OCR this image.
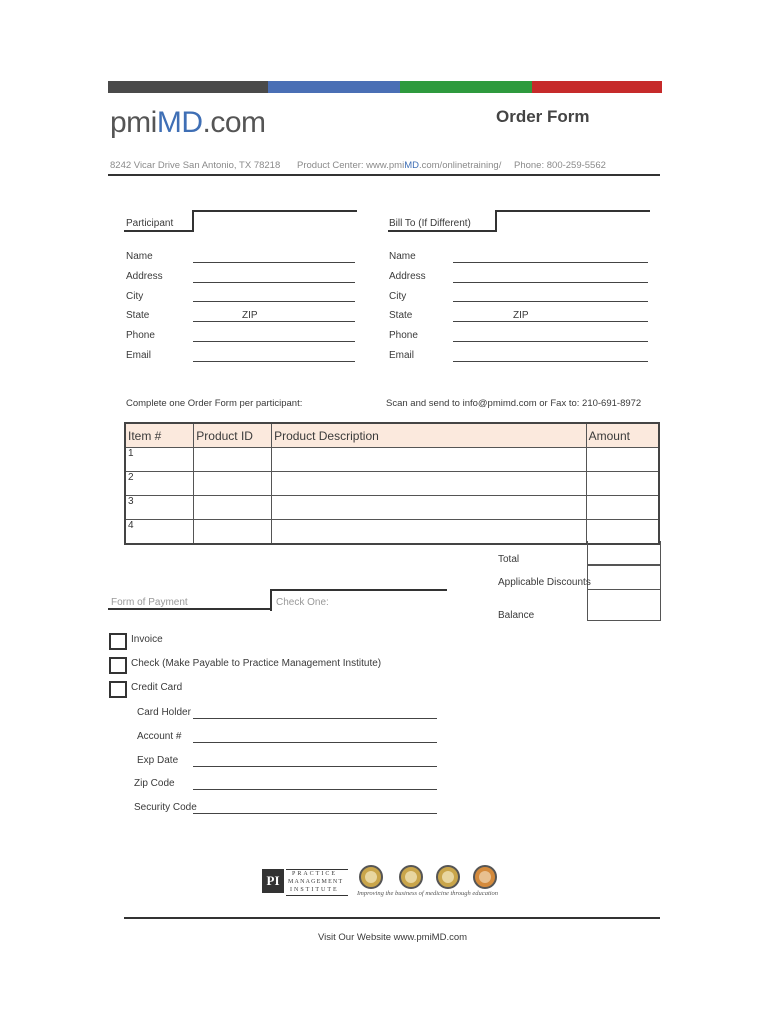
pmiMD.com	Order Form
8242 Vicar Drive San Antonio, TX 78218 Product Center: www.pmiMD.com/onlinetraining/ Phone: 800-259-5562
Participant	Bill To (If Different)
Name
Address
City
State	ZIP
Phone
Email
Name
Address
City
State	ZIP
Phone
Email
Complete one Order Form per participant:	Scan and send to info@pmimd.com or Fax to: 210-691-8972
Item #	Product ID	Product Description	Amount
1			
2			
3			
4			
Total
Applicable Discounts
Balance
Form of Payment	Check One:
Invoice
Check (Make Payable to Practice Management Institute)
Credit Card
Card Holder
Account #
Exp Date
Zip Code
Security Code
PI	PRACTICE
MANAGEMENT
INSTITUTE	Improving the business of medicine through education
Visit Our Website www.pmiMD.com
